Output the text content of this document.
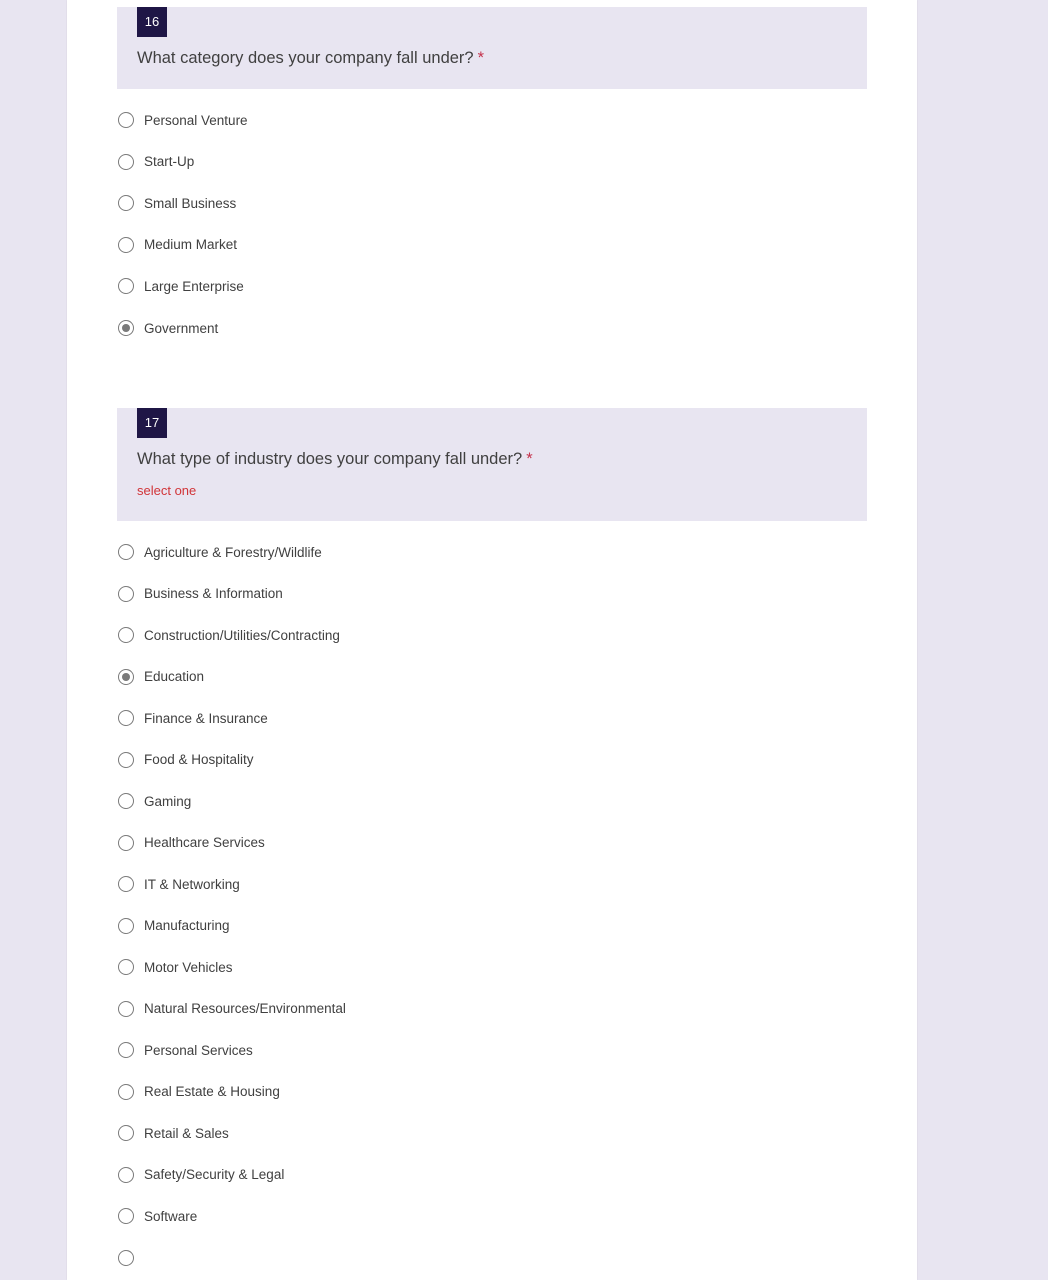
16
What category does your company fall under? *
Personal Venture
Start-Up
Small Business
Medium Market
Large Enterprise
Government
17
What type of industry does your company fall under? *
select one
Agriculture & Forestry/Wildlife
Business & Information
Construction/Utilities/Contracting
Education
Finance & Insurance
Food & Hospitality
Gaming
Healthcare Services
IT & Networking
Manufacturing
Motor Vehicles
Natural Resources/Environmental
Personal Services
Real Estate & Housing
Retail & Sales
Safety/Security & Legal
Software
